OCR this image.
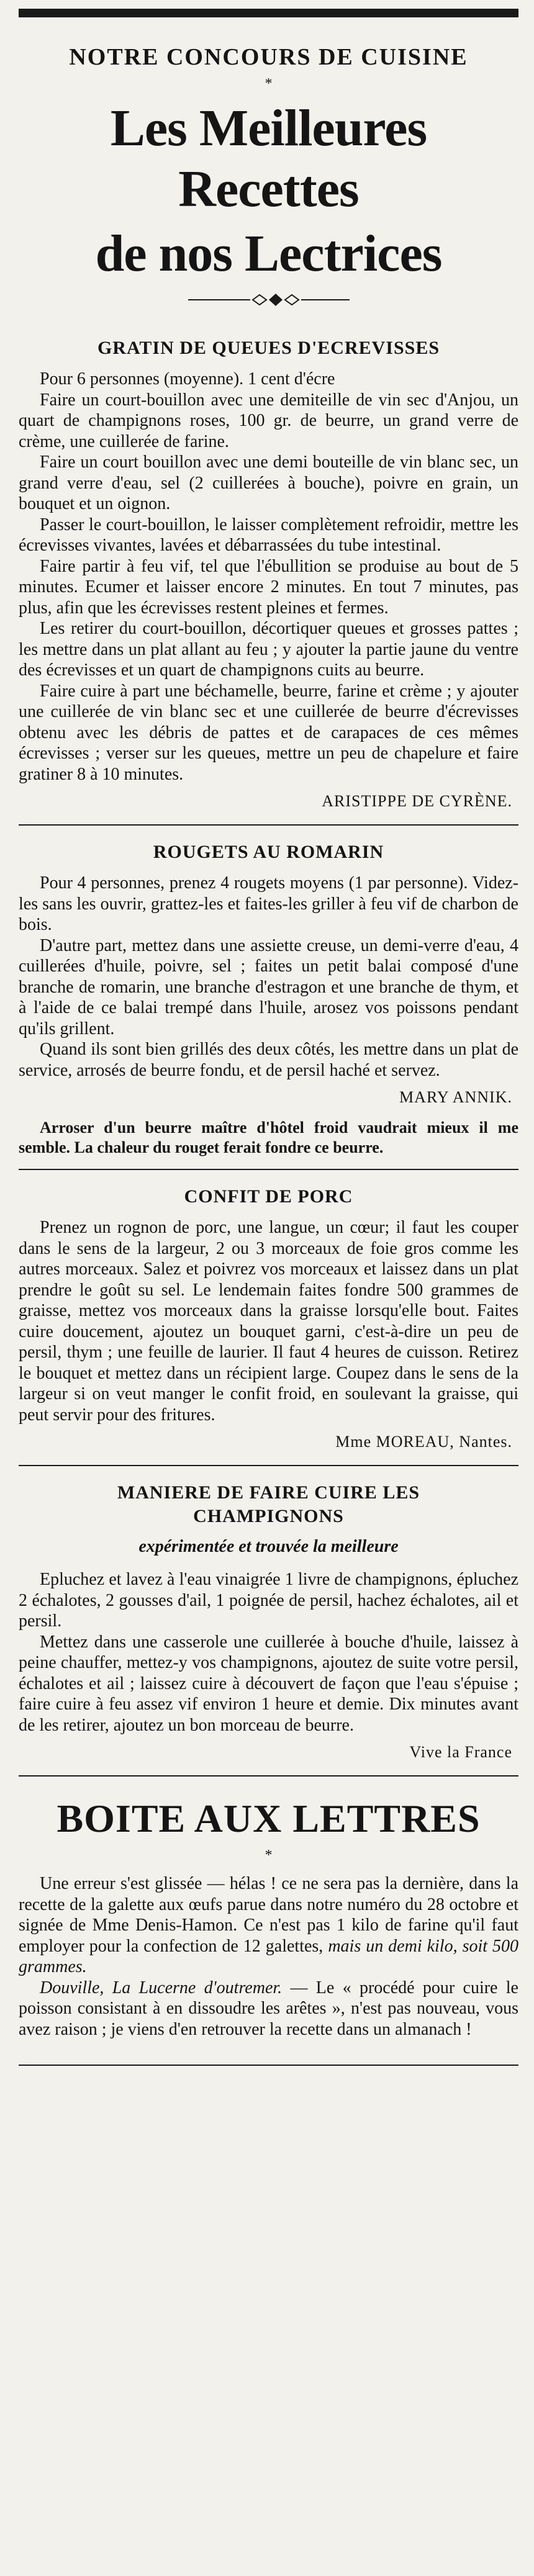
NOTRE CONCOURS DE CUISINE
*
Les Meilleures Recettes
de nos Lectrices
GRATIN DE QUEUES D'ECREVISSES

Pour 6 personnes (moyenne). 1 cent d'écre

Faire un court-bouillon avec une demiteille de vin sec d'Anjou, un quart de champignons roses, 100 gr. de beurre, un grand verre de crème, une cuillerée de farine.

Faire un court bouillon avec une demi bouteille de vin blanc sec, un grand verre d'eau, sel (2 cuillerées à bouche), poivre en grain, un bouquet et un oignon.

Passer le court-bouillon, le laisser complètement refroidir, mettre les écrevisses vivantes, lavées et débarrassées du tube intestinal.

Faire partir à feu vif, tel que l'ébullition se produise au bout de 5 minutes. Ecumer et laisser encore 2 minutes. En tout 7 minutes, pas plus, afin que les écrevisses restent pleines et fermes.

Les retirer du court-bouillon, décortiquer queues et grosses pattes ; les mettre dans un plat allant au feu ; y ajouter la partie jaune du ventre des écrevisses et un quart de champignons cuits au beurre.

Faire cuire à part une béchamelle, beurre, farine et crème ; y ajouter une cuillerée de vin blanc sec et une cuillerée de beurre d'écrevisses obtenu avec les débris de pattes et de carapaces de ces mêmes écrevisses ; verser sur les queues, mettre un peu de chapelure et faire gratiner 8 à 10 minutes.

ARISTIPPE DE CYRÈNE.
ROUGETS AU ROMARIN

Pour 4 personnes, prenez 4 rougets moyens (1 par personne). Videz-les sans les ouvrir, grattez-les et faites-les griller à feu vif de charbon de bois.

D'autre part, mettez dans une assiette creuse, un demi-verre d'eau, 4 cuillerées d'huile, poivre, sel ; faites un petit balai composé d'une branche de romarin, une branche d'estragon et une branche de thym, et à l'aide de ce balai trempé dans l'huile, arosez vos poissons pendant qu'ils grillent.

Quand ils sont bien grillés des deux côtés, les mettre dans un plat de service, arrosés de beurre fondu, et de persil haché et servez.

MARY ANNIK.
Arroser d'un beurre maître d'hôtel froid vaudrait mieux il me semble. La chaleur du rouget ferait fondre ce beurre.
CONFIT DE PORC

Prenez un rognon de porc, une langue, un cœur; il faut les couper dans le sens de la largeur, 2 ou 3 morceaux de foie gros comme les autres morceaux. Salez et poivrez vos morceaux et laissez dans un plat prendre le goût su sel. Le lendemain faites fondre 500 grammes de graisse, mettez vos morceaux dans la graisse lorsqu'elle bout. Faites cuire doucement, ajoutez un bouquet garni, c'est-à-dire un peu de persil, thym ; une feuille de laurier. Il faut 4 heures de cuisson. Retirez le bouquet et mettez dans un récipient large. Coupez dans le sens de la largeur si on veut manger le confit froid, en soulevant la graisse, qui peut servir pour des fritures.

Mme MOREAU, Nantes.
MANIERE DE FAIRE CUIRE LES
CHAMPIGNONS
expérimentée et trouvée la meilleure

Epluchez et lavez à l'eau vinaigrée 1 livre de champignons, épluchez 2 échalotes, 2 gousses d'ail, 1 poignée de persil, hachez échalotes, ail et persil.

Mettez dans une casserole une cuillerée à bouche d'huile, laissez à peine chauffer, mettez-y vos champignons, ajoutez de suite votre persil, échalotes et ail ; laissez cuire à découvert de façon que l'eau s'épuise ; faire cuire à feu assez vif environ 1 heure et demie. Dix minutes avant de les retirer, ajoutez un bon morceau de beurre.

Vive la France
BOITE AUX LETTRES
*

Une erreur s'est glissée — hélas ! ce ne sera pas la dernière, dans la recette de la galette aux œufs parue dans notre numéro du 28 octobre et signée de Mme Denis-Hamon. Ce n'est pas 1 kilo de farine qu'il faut employer pour la confection de 12 galettes, mais un demi kilo, soit 500 grammes.

Douville, La Lucerne d'outremer. — Le « procédé pour cuire le poisson consistant à en dissoudre les arêtes », n'est pas nouveau, vous avez raison ; je viens d'en retrouver la recette dans un almanach !
